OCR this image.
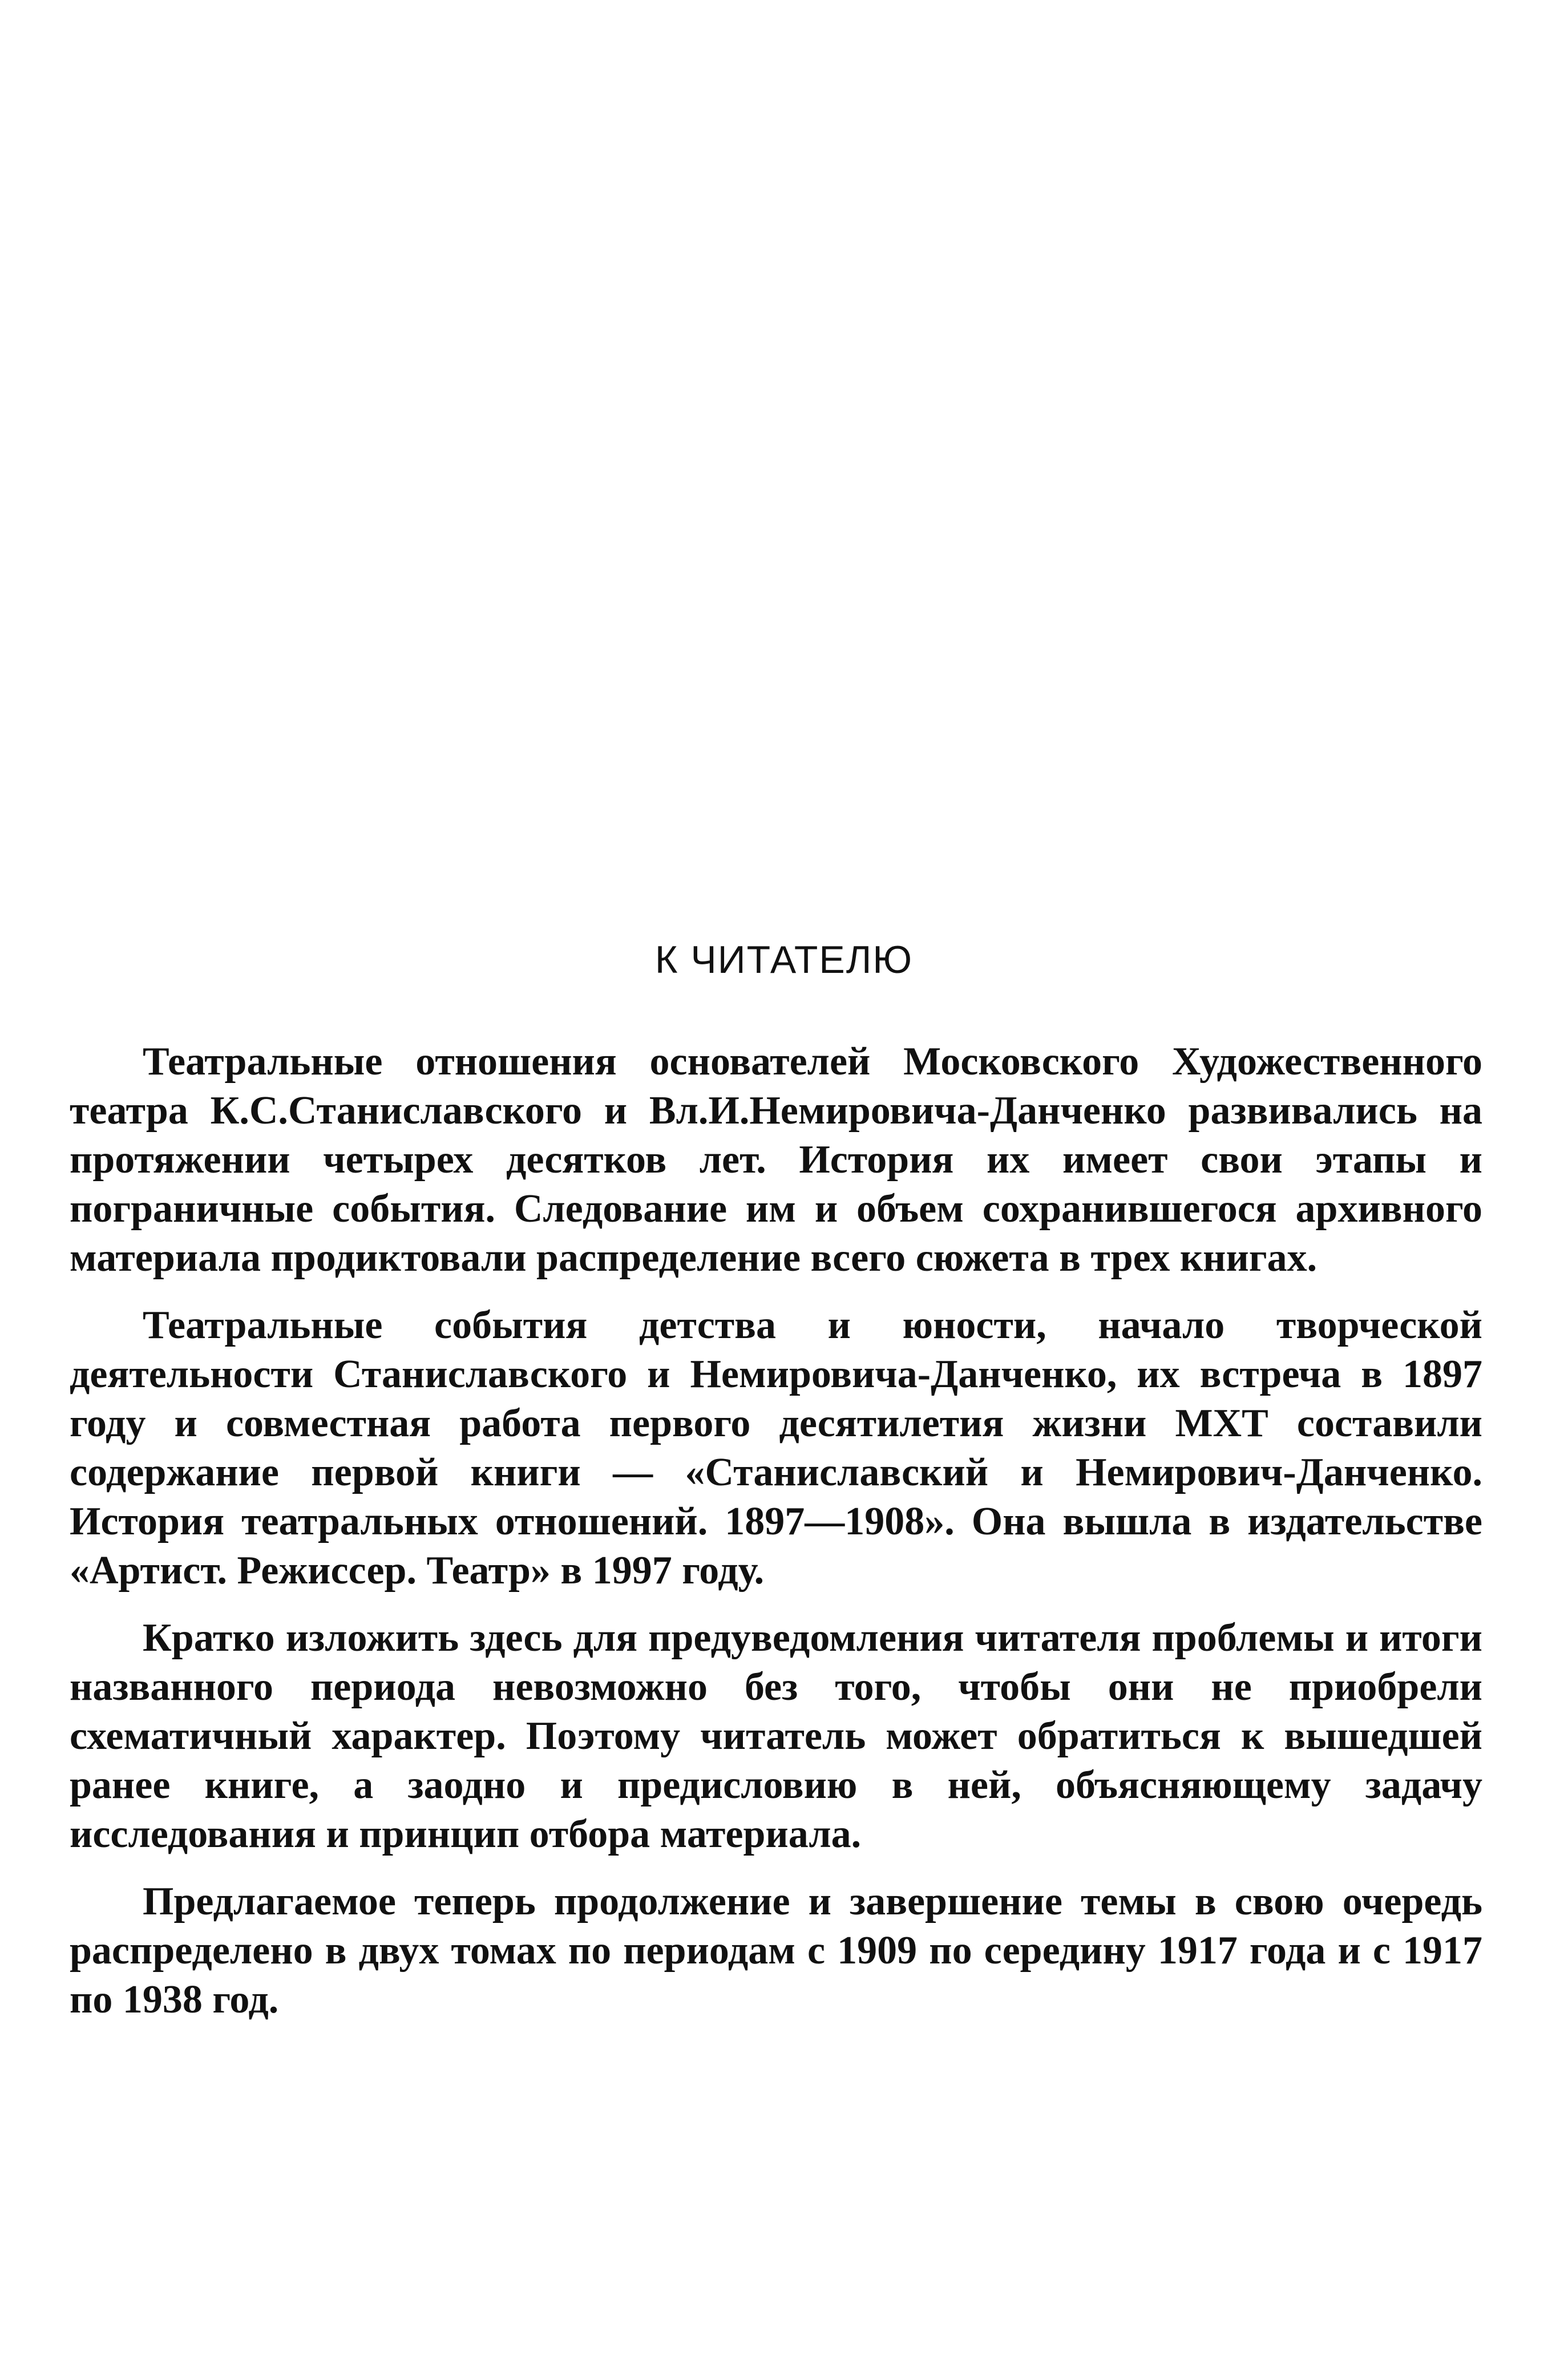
К ЧИТАТЕЛЮ

Театральные отношения основателей Московского Художественного театра К.С.Станиславского и Вл.И.Немировича-Данченко развивались на протяжении четырех десятков лет. История их имеет свои этапы и пограничные события. Следование им и объем сохранившегося архивного материала продиктовали распределение всего сюжета в трех книгах.

Театральные события детства и юности, начало творческой деятельности Станиславского и Немировича-Данченко, их встреча в 1897 году и совместная работа первого десятилетия жизни МХТ составили содержание первой книги — «Станиславский и Немирович-Данченко. История театральных отношений. 1897—1908». Она вышла в издательстве «Артист. Режиссер. Театр» в 1997 году.

Кратко изложить здесь для предуведомления читателя проблемы и итоги названного периода невозможно без того, чтобы они не приобрели схематичный характер. Поэтому читатель может обратиться к вышедшей ранее книге, а заодно и предисловию в ней, объясняющему задачу исследования и принцип отбора материала.

Предлагаемое теперь продолжение и завершение темы в свою очередь распределено в двух томах по периодам с 1909 по середину 1917 года и с 1917 по 1938 год.
